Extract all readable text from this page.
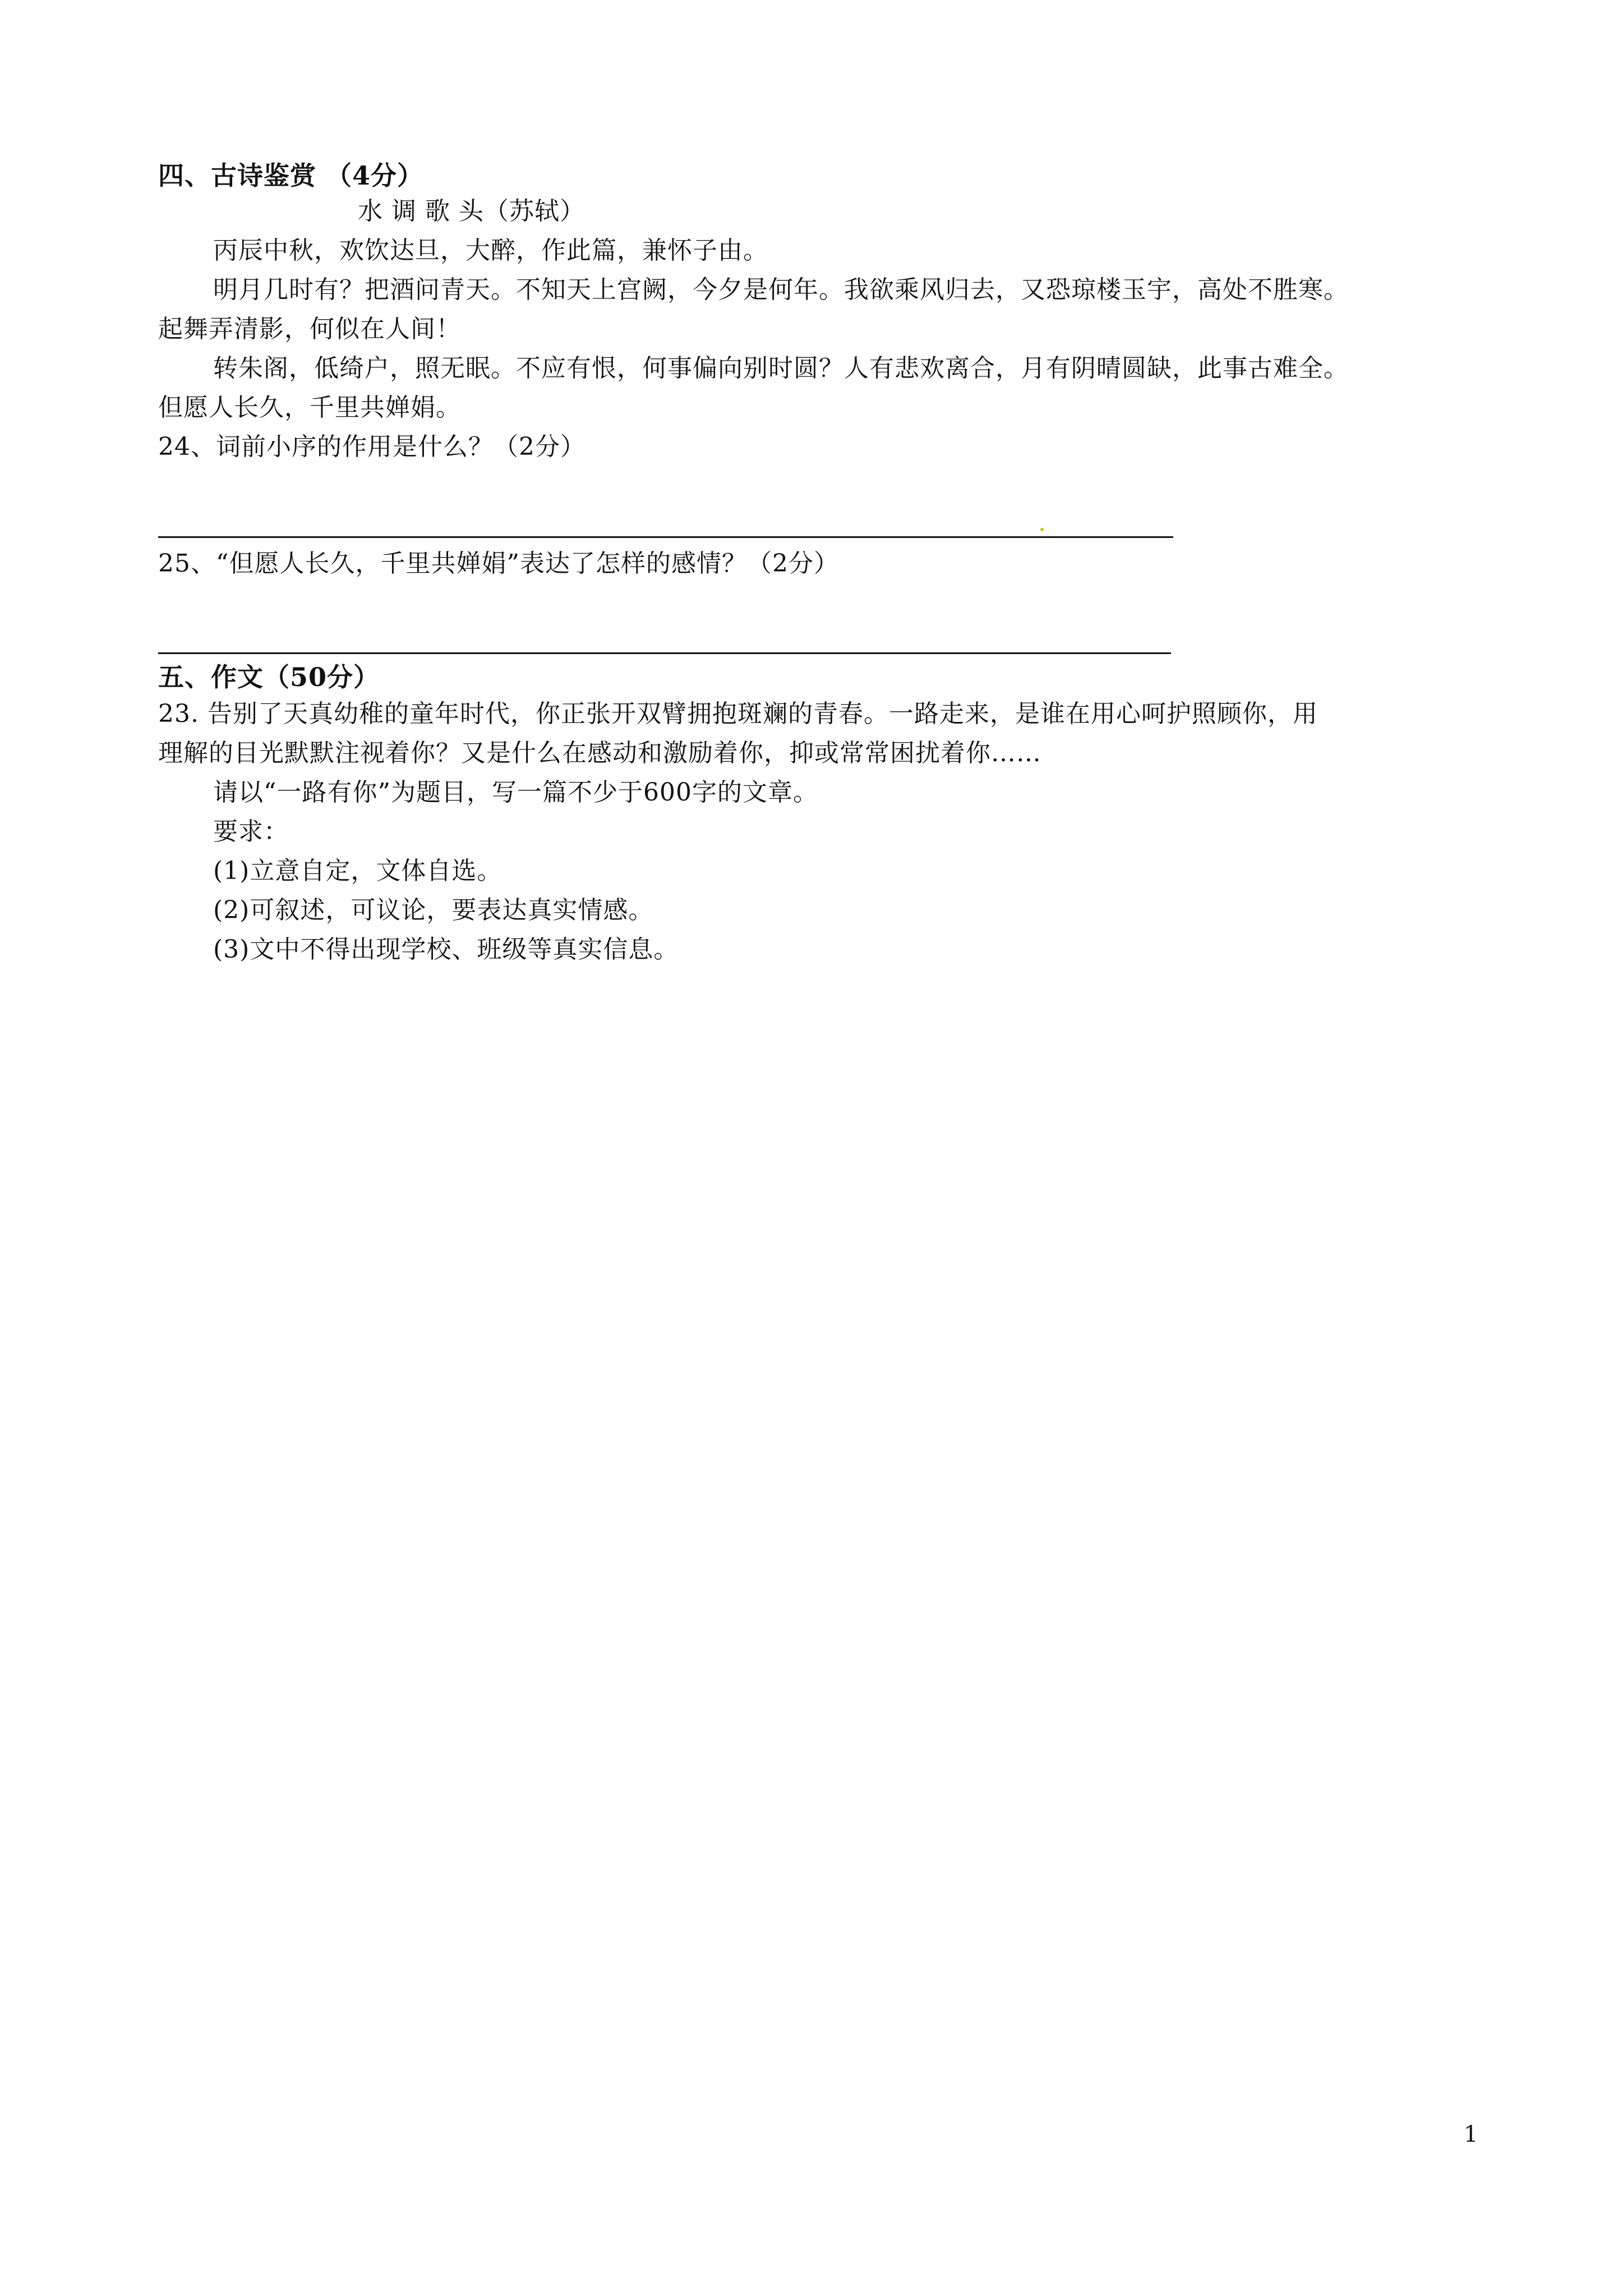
四、古诗鉴赏 （4分）
水 调 歌 头（苏轼）
丙辰中秋，欢饮达旦，大醉，作此篇，兼怀子由。
明月几时有？把酒问青天。不知天上宫阙，今夕是何年。我欲乘风归去，又恐琼楼玉宇，高处不胜寒。
起舞弄清影，何似在人间！
转朱阁，低绮户，照无眠。不应有恨，何事偏向别时圆？人有悲欢离合，月有阴晴圆缺，此事古难全。
但愿人长久，千里共婵娟。
24、词前小序的作用是什么？（2分）
25、“但愿人长久，千里共婵娟”表达了怎样的感情？（2分）
五、作文（50分）
23. 告别了天真幼稚的童年时代，你正张开双臂拥抱斑斓的青春。一路走来，是谁在用心呵护照顾你，用
理解的目光默默注视着你？又是什么在感动和激励着你，抑或常常困扰着你……
请以“一路有你”为题目，写一篇不少于600字的文章。
要求：
(1)立意自定，文体自选。
(2)可叙述，可议论，要表达真实情感。
(3)文中不得出现学校、班级等真实信息。
1
